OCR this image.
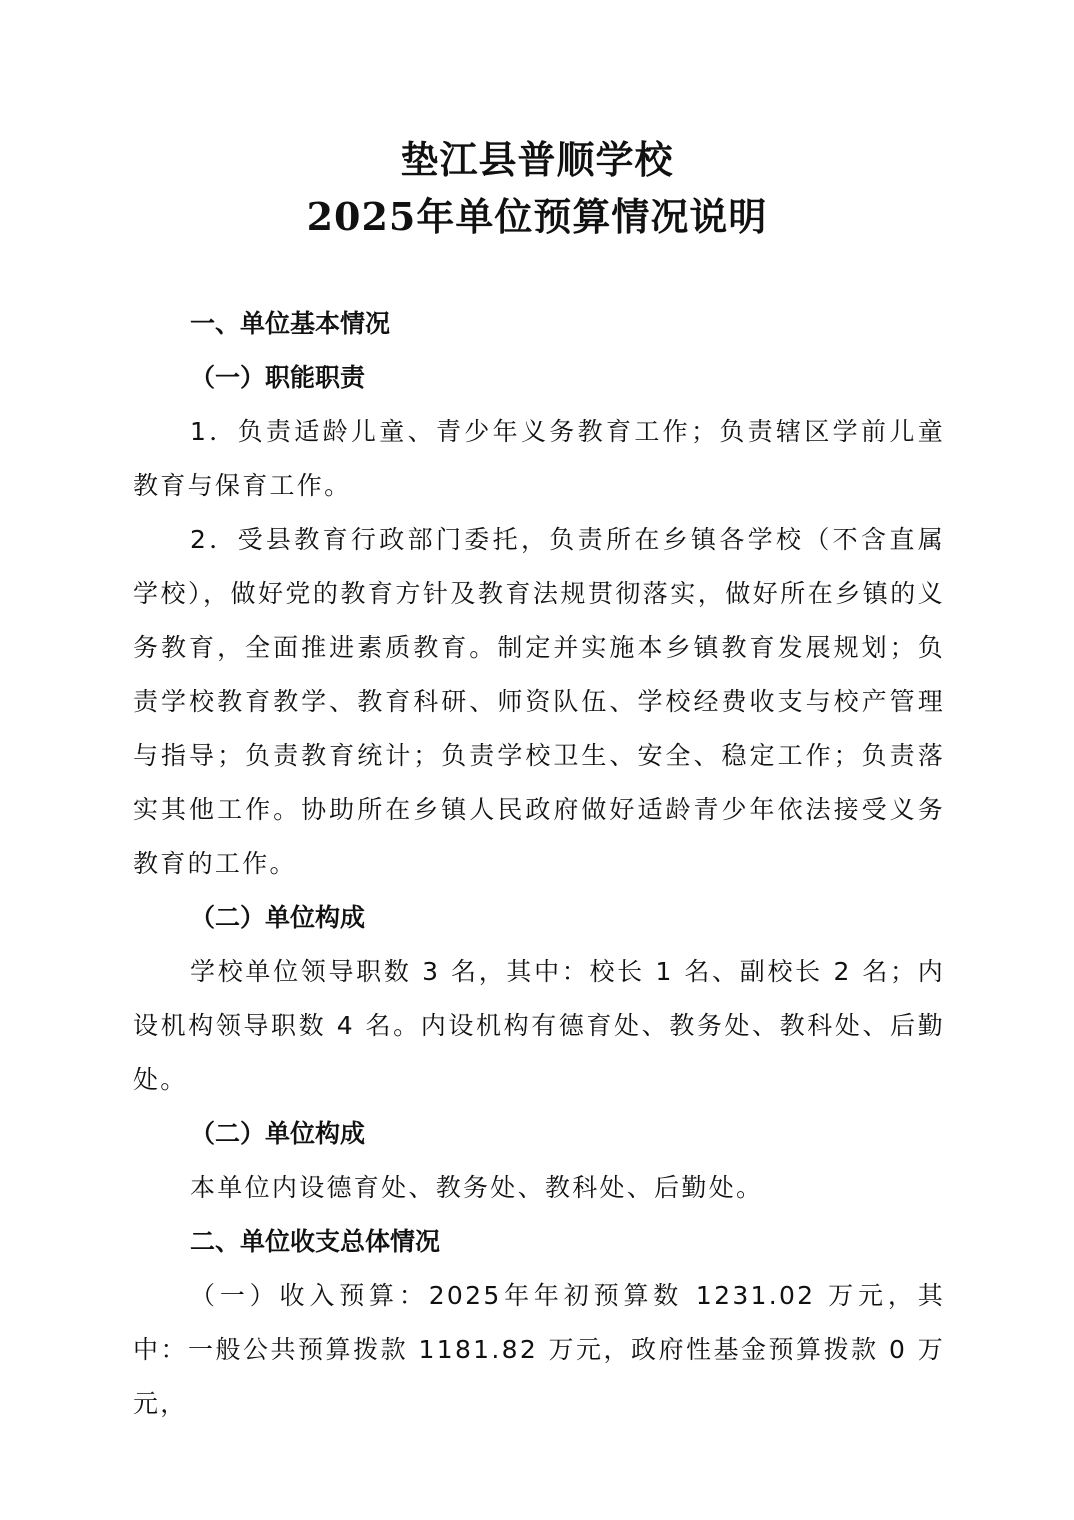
垫江县普顺学校
2025年单位预算情况说明

一、单位基本情况

（一）职能职责

1．负责适龄儿童、青少年义务教育工作；负责辖区学前儿童教育与保育工作。

2．受县教育行政部门委托，负责所在乡镇各学校（不含直属学校），做好党的教育方针及教育法规贯彻落实，做好所在乡镇的义务教育，全面推进素质教育。制定并实施本乡镇教育发展规划；负责学校教育教学、教育科研、师资队伍、学校经费收支与校产管理与指导；负责教育统计；负责学校卫生、安全、稳定工作；负责落实其他工作。协助所在乡镇人民政府做好适龄青少年依法接受义务教育的工作。

（二）单位构成

学校单位领导职数 3 名，其中：校长 1 名、副校长 2 名；内设机构领导职数 4 名。内设机构有德育处、教务处、教科处、后勤处。

（二）单位构成

本单位内设德育处、教务处、教科处、后勤处。

二、单位收支总体情况

（一）收入预算：2025年年初预算数 1231.02 万元，其中：一般公共预算拨款 1181.82 万元，政府性基金预算拨款 0 万元，
